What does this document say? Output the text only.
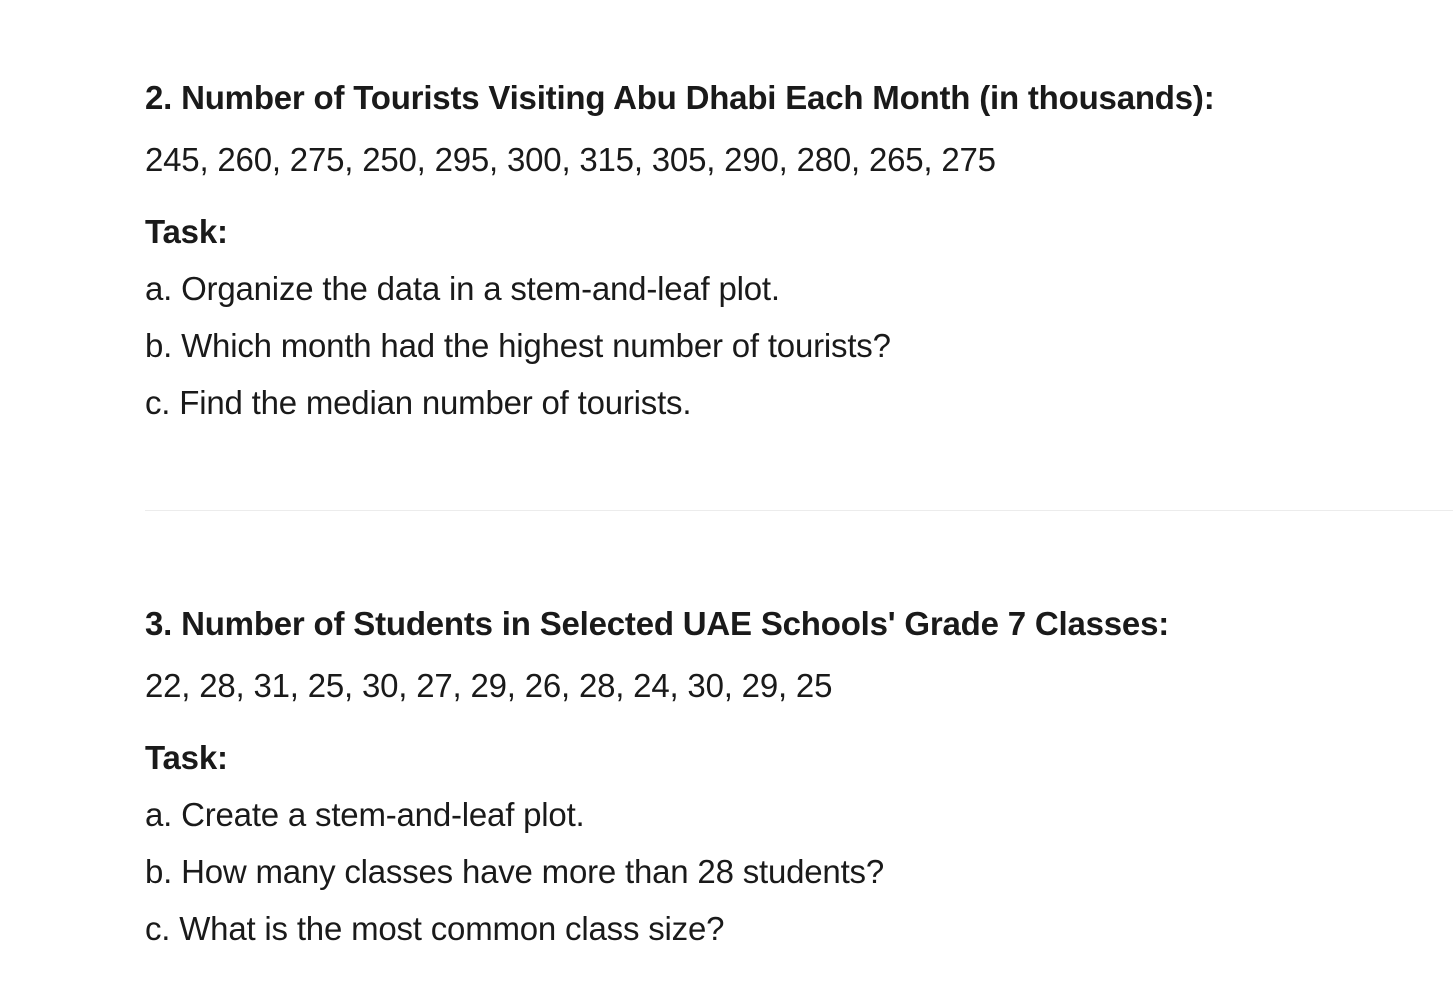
2. Number of Tourists Visiting Abu Dhabi Each Month (in thousands):

245, 260, 275, 250, 295, 300, 315, 305, 290, 280, 265, 275

Task:

a. Organize the data in a stem-and-leaf plot.

b. Which month had the highest number of tourists?

c. Find the median number of tourists.

3. Number of Students in Selected UAE Schools' Grade 7 Classes:

22, 28, 31, 25, 30, 27, 29, 26, 28, 24, 30, 29, 25

Task:

a. Create a stem-and-leaf plot.

b. How many classes have more than 28 students?

c. What is the most common class size?
